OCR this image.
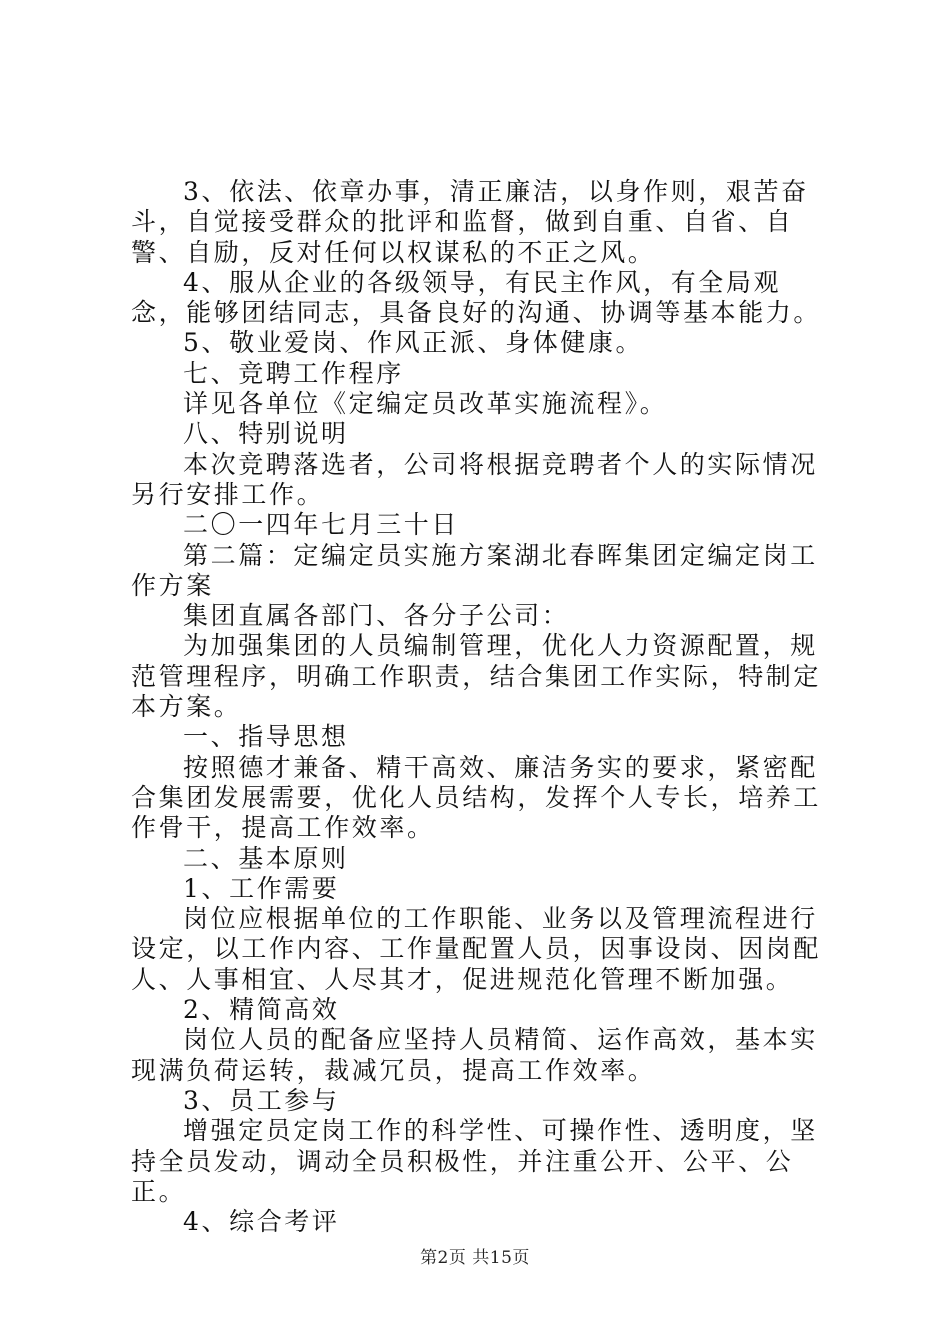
3、依法、依章办事，清正廉洁，以身作则，艰苦奋斗，自觉接受群众的批评和监督，做到自重、自省、自警、自励，反对任何以权谋私的不正之风。

4、服从企业的各级领导，有民主作风，有全局观念，能够团结同志，具备良好的沟通、协调等基本能力。

5、敬业爱岗、作风正派、身体健康。

七、竞聘工作程序

详见各单位《定编定员改革实施流程》。

八、特别说明

本次竞聘落选者，公司将根据竞聘者个人的实际情况另行安排工作。

二〇一四年七月三十日

第二篇：定编定员实施方案湖北春晖集团定编定岗工作方案

集团直属各部门、各分子公司：

为加强集团的人员编制管理，优化人力资源配置，规范管理程序，明确工作职责，结合集团工作实际，特制定本方案。

一、指导思想

按照德才兼备、精干高效、廉洁务实的要求，紧密配合集团发展需要，优化人员结构，发挥个人专长，培养工作骨干，提高工作效率。

二、基本原则

1、工作需要

岗位应根据单位的工作职能、业务以及管理流程进行设定，以工作内容、工作量配置人员，因事设岗、因岗配人、人事相宜、人尽其才，促进规范化管理不断加强。

2、精简高效

岗位人员的配备应坚持人员精简、运作高效，基本实现满负荷运转，裁减冗员，提高工作效率。

3、员工参与

增强定员定岗工作的科学性、可操作性、透明度，坚持全员发动，调动全员积极性，并注重公开、公平、公正。

4、综合考评

第2页 共15页
